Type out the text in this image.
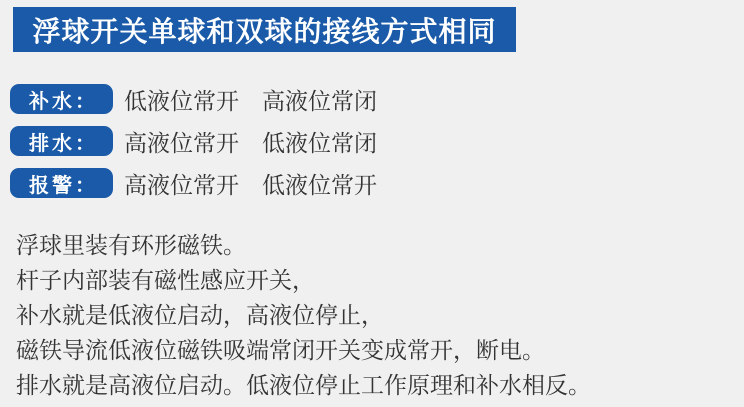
浮球开关单球和双球的接线方式相同
补水：	低液位常开　高液位常闭
排水：	高液位常开　低液位常闭
报警：	高液位常开　低液位常开
浮球里装有环形磁铁。
杆子内部装有磁性感应开关，
补水就是低液位启动，高液位停止，
磁铁导流低液位磁铁吸端常闭开关变成常开，断电。
排水就是高液位启动。低液位停止工作原理和补水相反。
